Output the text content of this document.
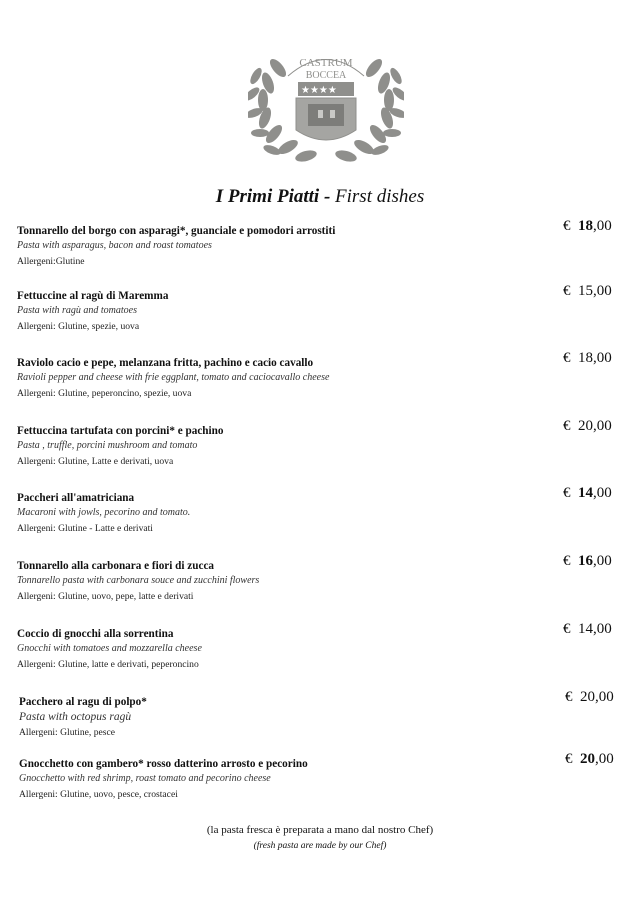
CASTRUM
BOCCEA
★★★★
I Primi Piatti - First dishes
Tonnarello del borgo con asparagi*, guanciale e pomodori arrostiti
Pasta with asparagus, bacon and roast tomatoes
Allergeni:Glutine
€ 18,00
Fettuccine al ragù di Maremma
Pasta with ragù and tomatoes
Allergeni: Glutine, spezie, uova
€ 15,00
Raviolo cacio e pepe, melanzana fritta, pachino e cacio cavallo
Ravioli pepper and cheese with frie eggplant, tomato and caciocavallo cheese
Allergeni: Glutine, peperoncino, spezie, uova
€ 18,00
Fettuccina tartufata con porcini* e pachino
Pasta , truffle, porcini mushroom and tomato
Allergeni: Glutine, Latte e derivati, uova
€ 20,00
Paccheri all'amatriciana
Macaroni with jowls, pecorino and tomato.
Allergeni: Glutine - Latte e derivati
€ 14,00
Tonnarello alla carbonara e fiori di zucca
Tonnarello pasta with carbonara souce and zucchini flowers
Allergeni: Glutine, uovo, pepe, latte e derivati
€ 16,00
Coccio di gnocchi alla sorrentina
Gnocchi with tomatoes and mozzarella cheese
Allergeni: Glutine, latte e derivati, peperoncino
€ 14,00
Pacchero al ragu di polpo*
Pasta with octopus ragù
Allergeni: Glutine, pesce
€ 20,00
Gnocchetto con gambero* rosso datterino arrosto e pecorino
Gnocchetto with red shrimp, roast tomato and pecorino cheese
Allergeni: Glutine, uovo, pesce, crostacei
€ 20,00
(la pasta fresca è preparata a mano dal nostro Chef)
(fresh pasta are made by our Chef)
